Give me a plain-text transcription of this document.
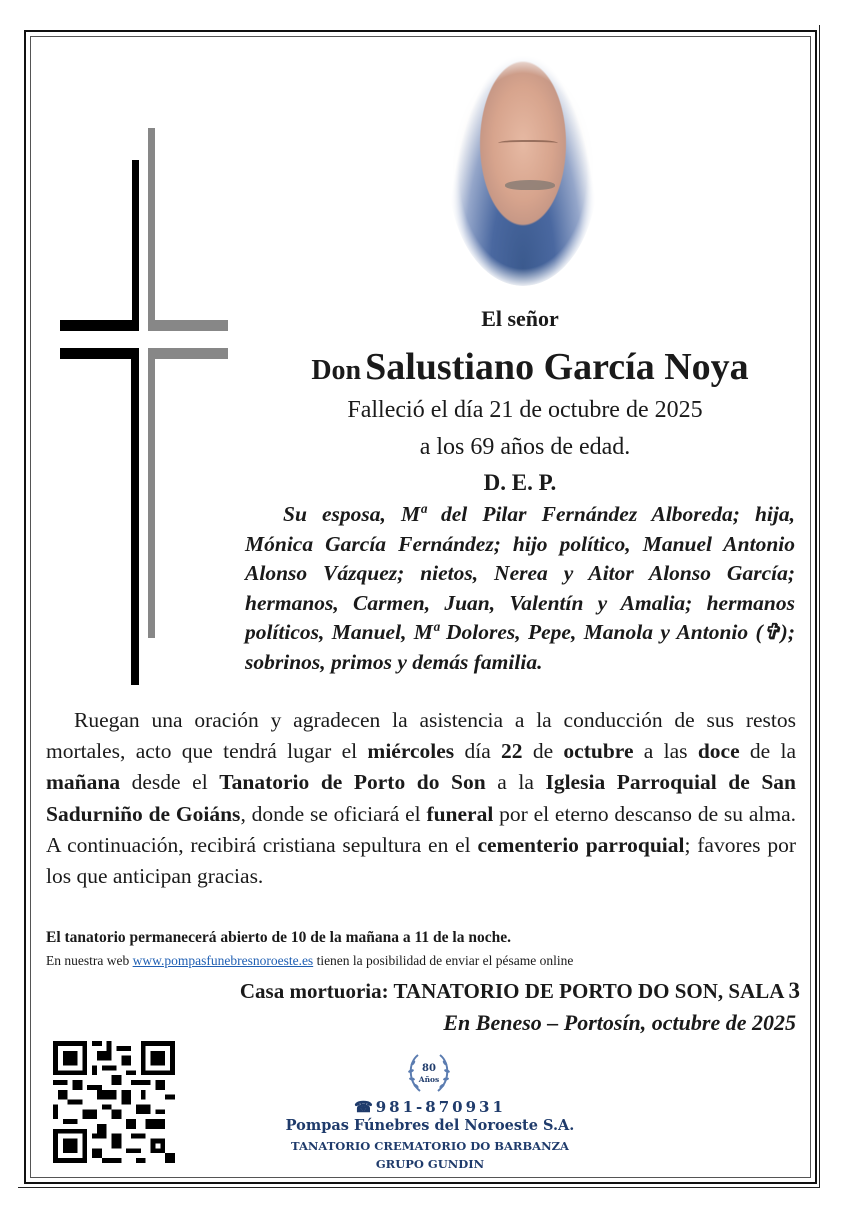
El señor
Don Salustiano García Noya
Falleció el día 21 de octubre de 2025
a los 69 años de edad.
D. E. P.
Su esposa, Mª del Pilar Fernández Alboreda; hija, Mónica García Fernández; hijo político, Manuel Antonio Alonso Vázquez; nietos, Nerea y Aitor Alonso García; hermanos, Carmen, Juan, Valentín y Amalia; hermanos políticos, Manuel, Mª Dolores, Pepe, Manola y Antonio (✞); sobrinos, primos y demás familia.
Ruegan una oración y agradecen la asistencia a la conducción de sus restos mortales, acto que tendrá lugar el miércoles día 22 de octubre a las doce de la mañana desde el Tanatorio de Porto do Son a la Iglesia Parroquial de San Sadurniño de Goiáns, donde se oficiará el funeral por el eterno descanso de su alma. A continuación, recibirá cristiana sepultura en el cementerio parroquial; favores por los que anticipan gracias.
El tanatorio permanecerá abierto de 10 de la mañana a 11 de la noche.
En nuestra web www.pompasfunebresnoroeste.es tienen la posibilidad de enviar el pésame online
Casa mortuoria: TANATORIO DE PORTO DO SON, SALA 3
En Beneso – Portosín, octubre de 2025
80
Años
☎981-870931
Pompas Fúnebres del Noroeste S.A.
TANATORIO CREMATORIO DO BARBANZA
GRUPO GUNDIN
